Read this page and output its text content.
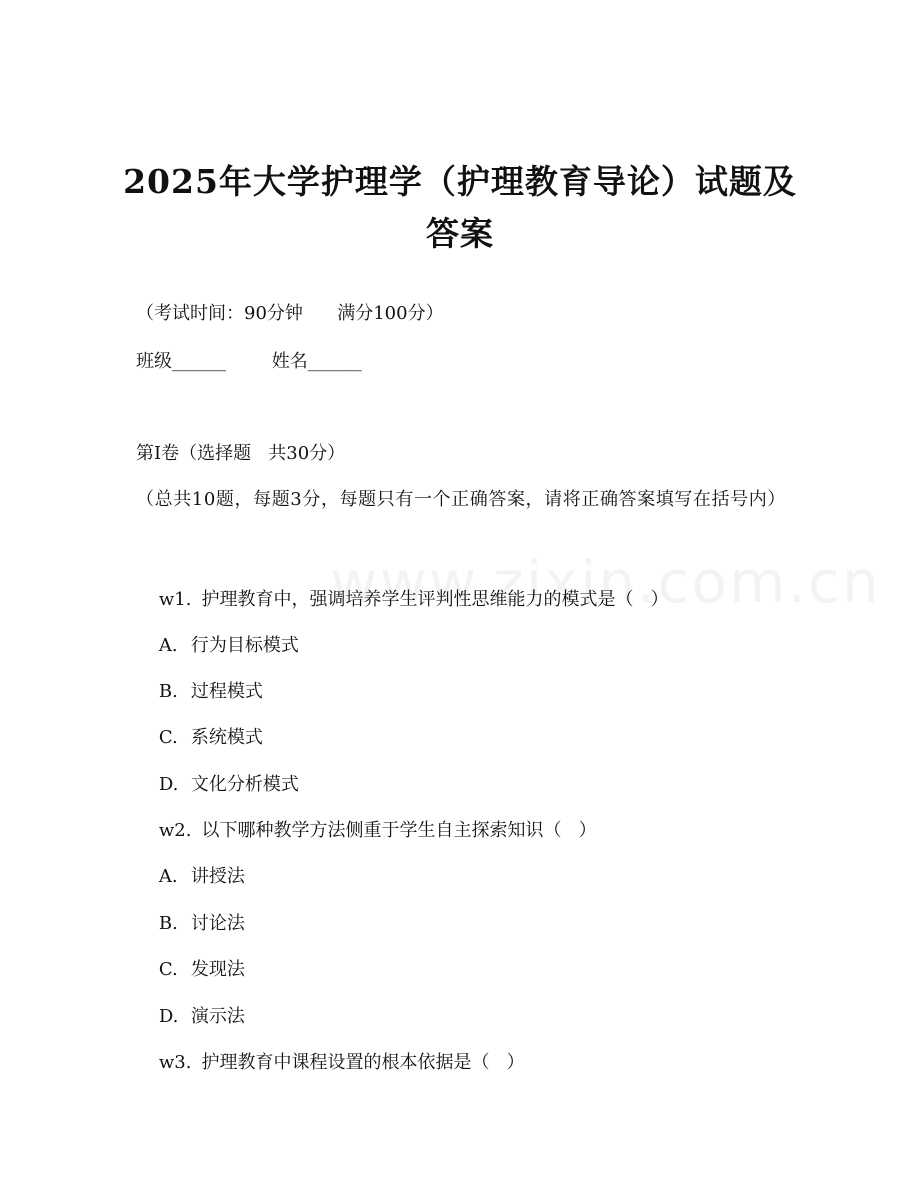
2025年大学护理学（护理教育导论）试题及
答案
（考试时间：90分钟      满分100分）
班级______        姓名______
第I卷（选择题   共30分）
（总共10题，每题3分，每题只有一个正确答案，请将正确答案填写在括号内）

w1. 护理教育中，强调培养学生评判性思维能力的模式是（   ）

A. 行为目标模式

B. 过程模式

C. 系统模式

D. 文化分析模式

w2. 以下哪种教学方法侧重于学生自主探索知识（   ）

A. 讲授法

B. 讨论法

C. 发现法

D. 演示法

w3. 护理教育中课程设置的根本依据是（   ）
